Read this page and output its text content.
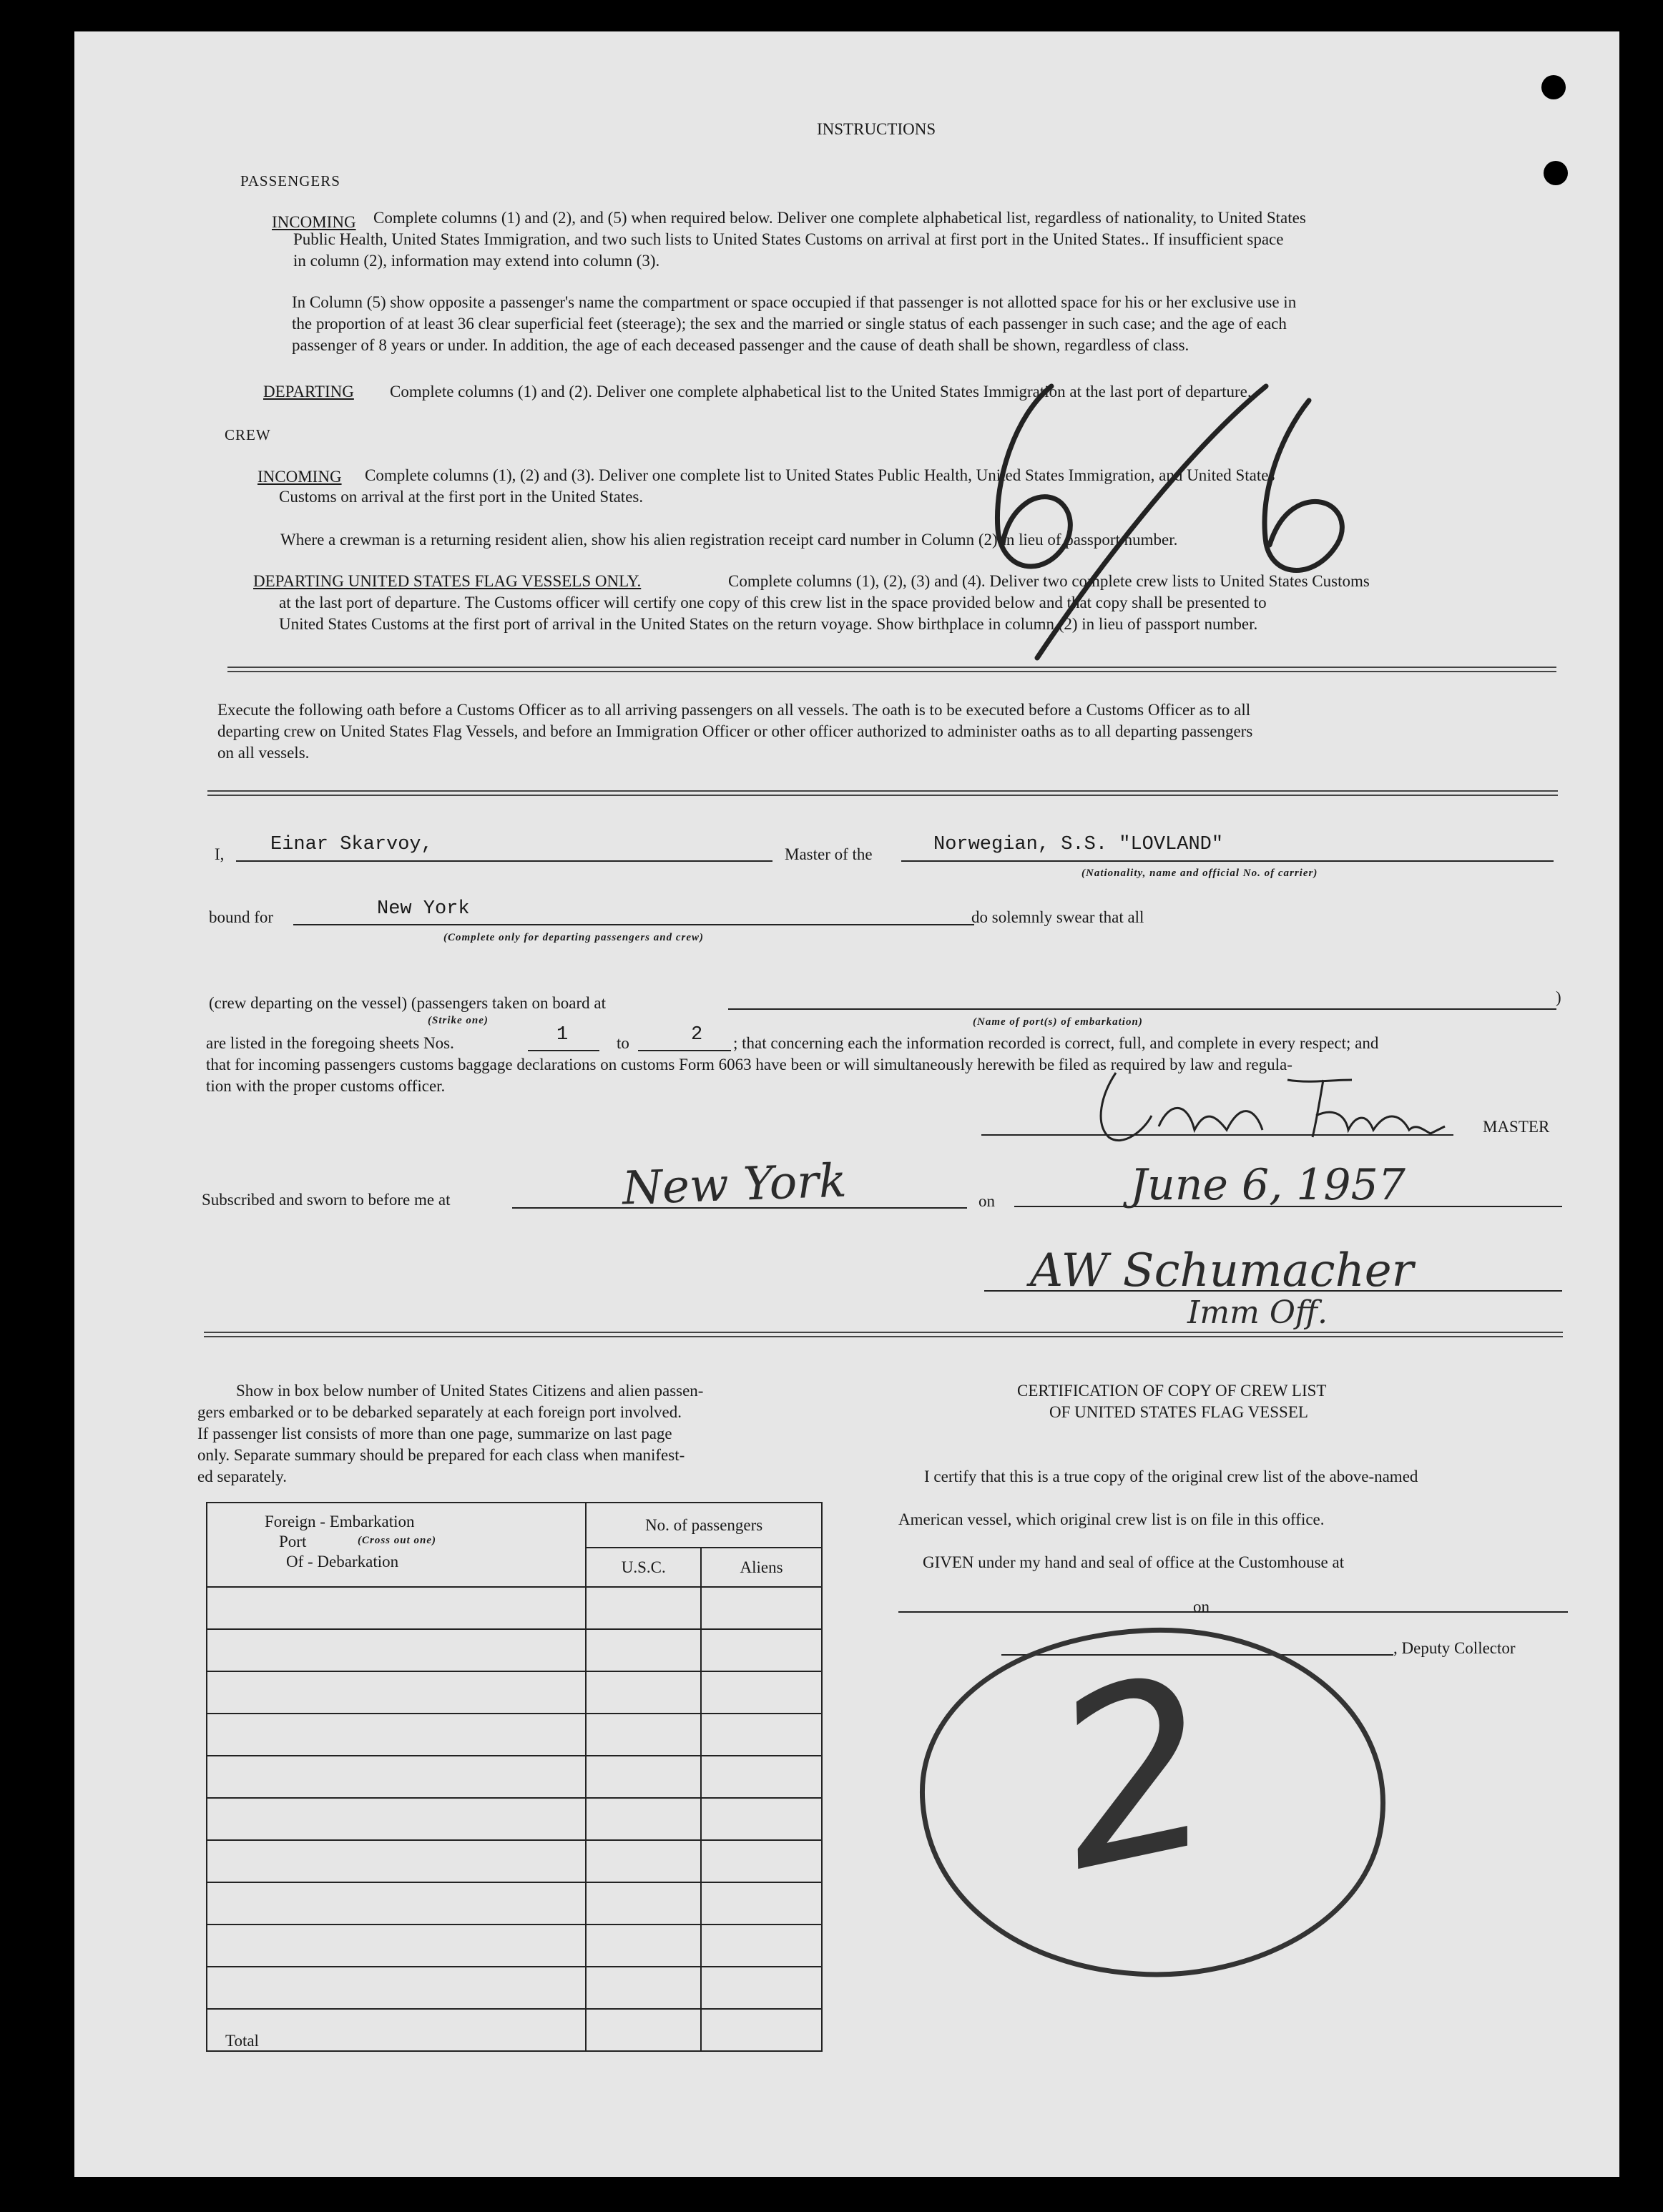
INSTRUCTIONS
PASSENGERS
INCOMING Complete columns (1) and (2), and (5) when required below. Deliver one complete alphabetical list, regardless of nationality, to United States
Public Health, United States Immigration, and two such lists to United States Customs on arrival at first port in the United States.. If insufficient space
in column (2), information may extend into column (3).
In Column (5) show opposite a passenger's name the compartment or space occupied if that passenger is not allotted space for his or her exclusive use in
the proportion of at least 36 clear superficial feet (steerage); the sex and the married or single status of each passenger in such case; and the age of each
passenger of 8 years or under. In addition, the age of each deceased passenger and the cause of death shall be shown, regardless of class.
DEPARTING Complete columns (1) and (2). Deliver one complete alphabetical list to the United States Immigration at the last port of departure.
CREW
INCOMING Complete columns (1), (2) and (3). Deliver one complete list to United States Public Health, United States Immigration, and United States
Customs on arrival at the first port in the United States.
Where a crewman is a returning resident alien, show his alien registration receipt card number in Column (2) in lieu of passport number.
DEPARTING UNITED STATES FLAG VESSELS ONLY.	Complete columns (1), (2), (3) and (4). Deliver two complete crew lists to United States Customs
at the last port of departure. The Customs officer will certify one copy of this crew list in the space provided below and that copy shall be presented to
United States Customs at the first port of arrival in the United States on the return voyage. Show birthplace in column (2) in lieu of passport number.
Execute the following oath before a Customs Officer as to all arriving passengers on all vessels. The oath is to be executed before a Customs Officer as to all
departing crew on United States Flag Vessels, and before an Immigration Officer or other officer authorized to administer oaths as to all departing passengers
on all vessels.
I, Einar Skarvoy,	Master of the	Norwegian, S.S. "LOVLAND"
(Nationality, name and official No. of carrier)
bound for	New York
(Complete only for departing passengers and crew)
do solemnly swear that all
(crew departing on the vessel) (passengers taken on board at
(Strike one)	(Name of port(s) of embarkation)
)
are listed in the foregoing sheets Nos.	1	to	2 ; that concerning each the information recorded is correct, full, and complete in every respect; and
that for incoming passengers customs baggage declarations on customs Form 6063 have been or will simultaneously herewith be filed as required by law and regula-
tion with the proper customs officer.
MASTER
Subscribed and sworn to before me at	on
New York	June 6, 1957
AW Schumacher
Imm Off.
Show in box below number of United States Citizens and alien passen-
gers embarked or to be debarked separately at each foreign port involved.
If passenger list consists of more than one page, summarize on last page
only. Separate summary should be prepared for each class when manifest-
ed separately.
Foreign - Embarkation
Port (Cross out one)
Of - Debarkation	No. of passengers	
	U.S.C.	Aliens

Total		
CERTIFICATION OF COPY OF CREW LIST
OF UNITED STATES FLAG VESSEL
I certify that this is a true copy of the original crew list of the above-named
American vessel, which original crew list is on file in this office.
GIVEN under my hand and seal of office at the Customhouse at
on
, Deputy Collector
2
